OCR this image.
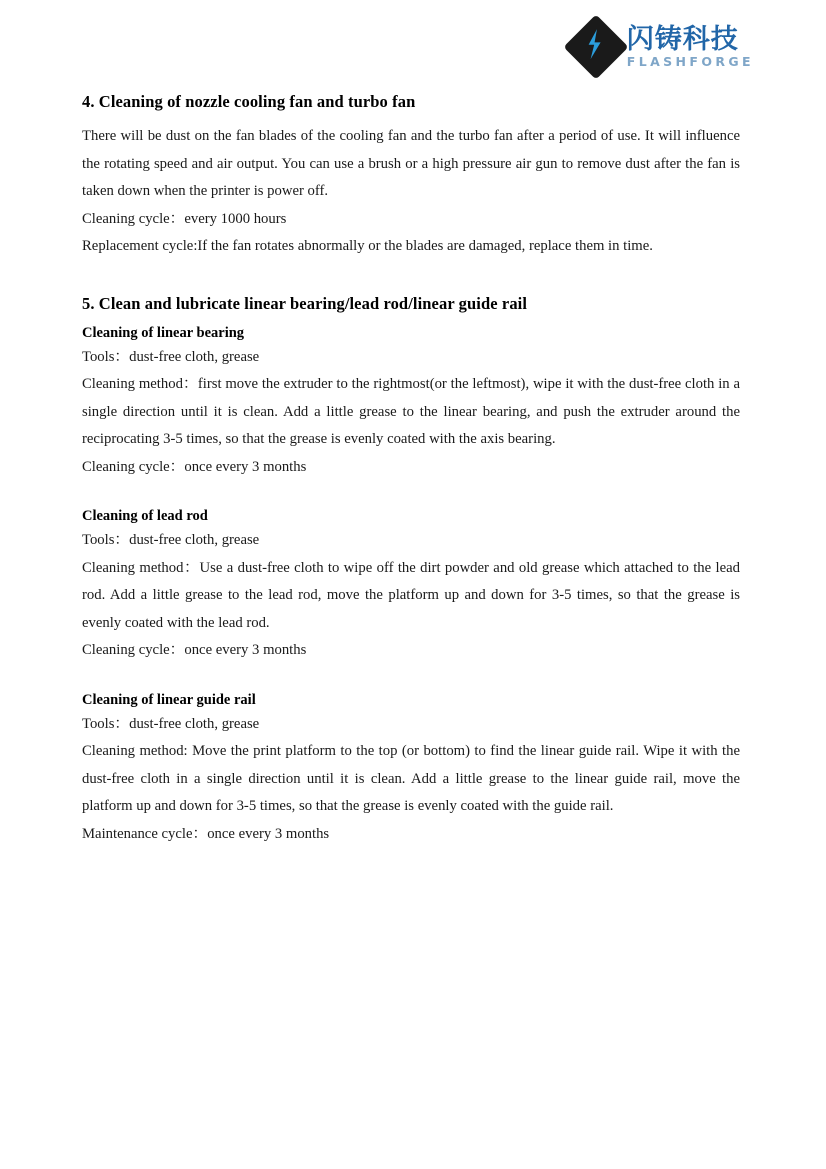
闪铸科技
FLASHFORGE
4. Cleaning of nozzle cooling fan and turbo fan

There will be dust on the fan blades of the cooling fan and the turbo fan after a period of use. It will influence the rotating speed and air output. You can use a brush or a high pressure air gun to remove dust after the fan is taken down when the printer is power off.

Cleaning cycle：every 1000 hours

Replacement cycle:If the fan rotates abnormally or the blades are damaged, replace them in time.

5. Clean and lubricate linear bearing/lead rod/linear guide rail
Cleaning of linear bearing

Tools：dust-free cloth, grease

Cleaning method：first move the extruder to the rightmost(or the leftmost), wipe it with the dust-free cloth in a single direction until it is clean. Add a little grease to the linear bearing, and push the extruder around the reciprocating 3-5 times, so that the grease is evenly coated with the axis bearing.

Cleaning cycle：once every 3 months

Cleaning of lead rod

Tools：dust-free cloth, grease

Cleaning method：Use a dust-free cloth to wipe off the dirt powder and old grease which attached to the lead rod. Add a little grease to the lead rod, move the platform up and down for 3-5 times, so that the grease is evenly coated with the lead rod.

Cleaning cycle：once every 3 months

Cleaning of linear guide rail

Tools：dust-free cloth, grease

Cleaning method: Move the print platform to the top (or bottom) to find the linear guide rail. Wipe it with the dust-free cloth in a single direction until it is clean. Add a little grease to the linear guide rail, move the platform up and down for 3-5 times, so that the grease is evenly coated with the guide rail.

Maintenance cycle：once every 3 months
